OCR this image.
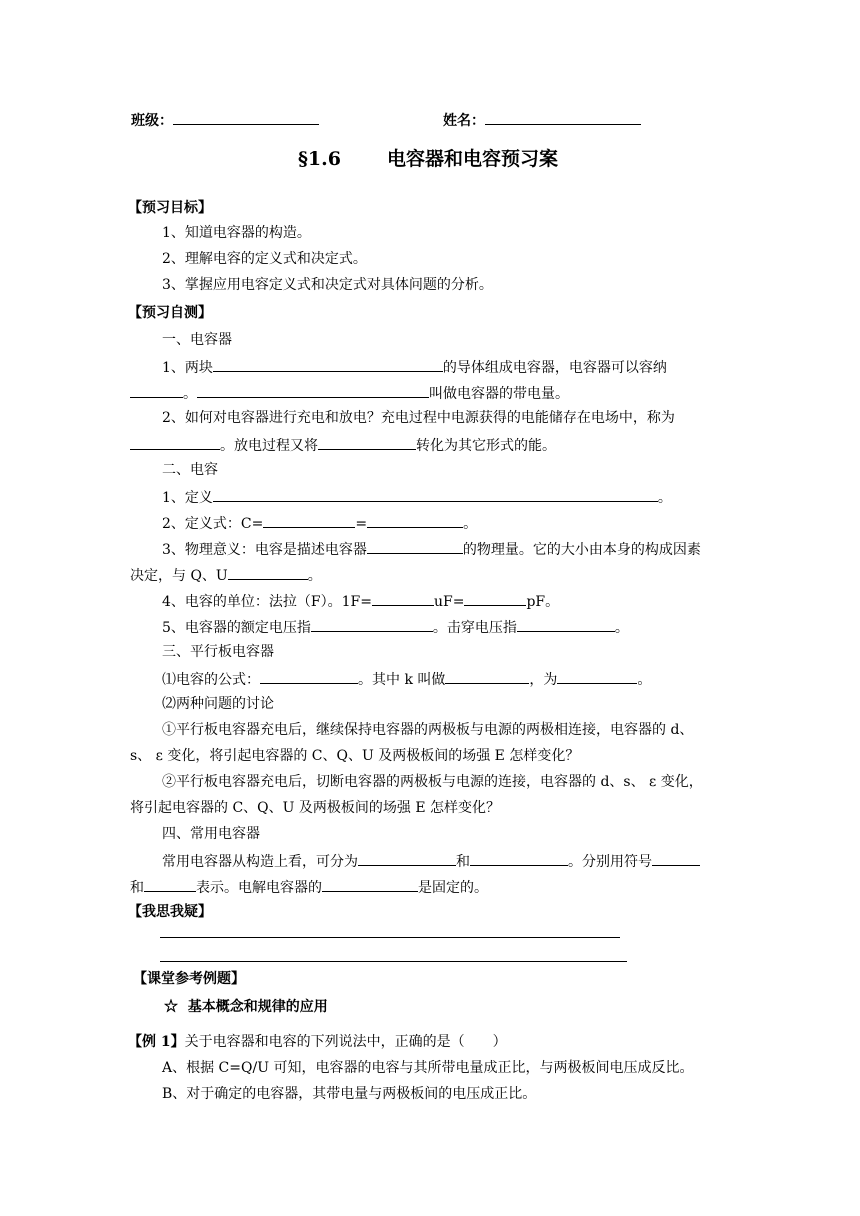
班级：	姓名：
§1.6 电容器和电容预习案
【预习目标】
1、知道电容器的构造。
2、理解电容的定义式和决定式。
3、掌握应用电容定义式和决定式对具体问题的分析。
【预习自测】
一、电容器
1、两块	的导体组成电容器，电容器可以容纳
。	叫做电容器的带电量。
2、如何对电容器进行充电和放电？充电过程中电源获得的电能储存在电场中，称为
。放电过程又将	转化为其它形式的能。
二、电容
1、定义	。
2、定义式：C=	=	。
3、物理意义：电容是描述电容器	的物理量。它的大小由本身的构成因素
决定，与 Q、U	。
4、电容的单位：法拉（F）。1F=	uF=	pF。
5、电容器的额定电压指	。击穿电压指	。
三、平行板电容器
⑴电容的公式：	。其中 k 叫做	，为	。
⑵两种问题的讨论
①平行板电容器充电后，继续保持电容器的两极板与电源的两极相连接，电容器的 d、
s、 ε 变化，将引起电容器的 C、Q、U 及两极板间的场强 E 怎样变化？
②平行板电容器充电后，切断电容器的两极板与电源的连接，电容器的 d、s、 ε 变化，
将引起电容器的 C、Q、U 及两极板间的场强 E 怎样变化？
四、常用电容器
常用电容器从构造上看，可分为	和	。分别用符号
和	表示。电解电容器的	是固定的。
【我思我疑】
【课堂参考例题】
☆ 基本概念和规律的应用
【例 1】关于电容器和电容的下列说法中，正确的是（　　）
A、根据 C=Q/U 可知，电容器的电容与其所带电量成正比，与两极板间电压成反比。
B、对于确定的电容器，其带电量与两极板间的电压成正比。
